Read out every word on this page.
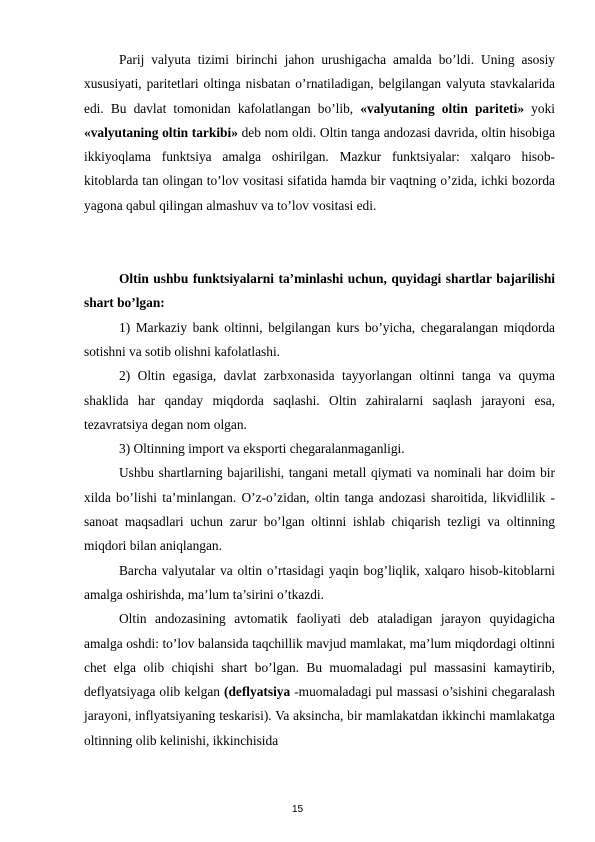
Parij valyuta tizimi birinchi jahon urushigacha amalda bo’ldi. Uning asosiy xususiyati, paritetlari oltinga nisbatan o’rnatiladigan, belgilangan valyuta stavkalarida edi. Bu davlat tomonidan kafolatlangan bo’lib, «valyutaning oltin pariteti» yoki «valyutaning oltin tarkibi» deb nom oldi. Oltin tanga andozasi davrida, oltin hisobiga ikkiyoqlama funktsiya amalga oshirilgan. Mazkur funktsiyalar: xalqaro hisob-kitoblarda tan olingan to’lov vositasi sifatida hamda bir vaqtning o’zida, ichki bozorda yagona qabul qilingan almashuv va to’lov vositasi edi.

Oltin ushbu funktsiyalarni ta’minlashi uchun, quyidagi shartlar bajarilishi shart bo’lgan:

1) Markaziy bank oltinni, belgilangan kurs bo’yicha, chegaralangan miqdorda sotishni va sotib olishni kafolatlashi.

2) Oltin egasiga, davlat zarbxonasida tayyorlangan oltinni tanga va quyma shaklida har qanday miqdorda saqlashi. Oltin zahiralarni saqlash jarayoni esa, tezavratsiya degan nom olgan.

3) Oltinning import va eksporti chegaralanmaganligi.

Ushbu shartlarning bajarilishi, tangani metall qiymati va nominali har doim bir xilda bo’lishi ta’minlangan. O’z-o’zidan, oltin tanga andozasi sharoitida, likvidlilik - sanoat maqsadlari uchun zarur bo’lgan oltinni ishlab chiqarish tezligi va oltinning miqdori bilan aniqlangan.

Barcha valyutalar va oltin o’rtasidagi yaqin bog’liqlik, xalqaro hisob-kitoblarni amalga oshirishda, ma’lum ta’sirini o’tkazdi.

Oltin andozasining avtomatik faoliyati deb ataladigan jarayon quyidagicha amalga oshdi: to’lov balansida taqchillik mavjud mamlakat, ma’lum miqdordagi oltinni chet elga olib chiqishi shart bo’lgan. Bu muomaladagi pul massasini kamaytirib, deflyatsiyaga olib kelgan (deflyatsiya -muomaladagi pul massasi o’sishini chegaralash jarayoni, inflyatsiyaning teskarisi). Va aksincha, bir mamlakatdan ikkinchi mamlakatga oltinning olib kelinishi, ikkinchisida

15
